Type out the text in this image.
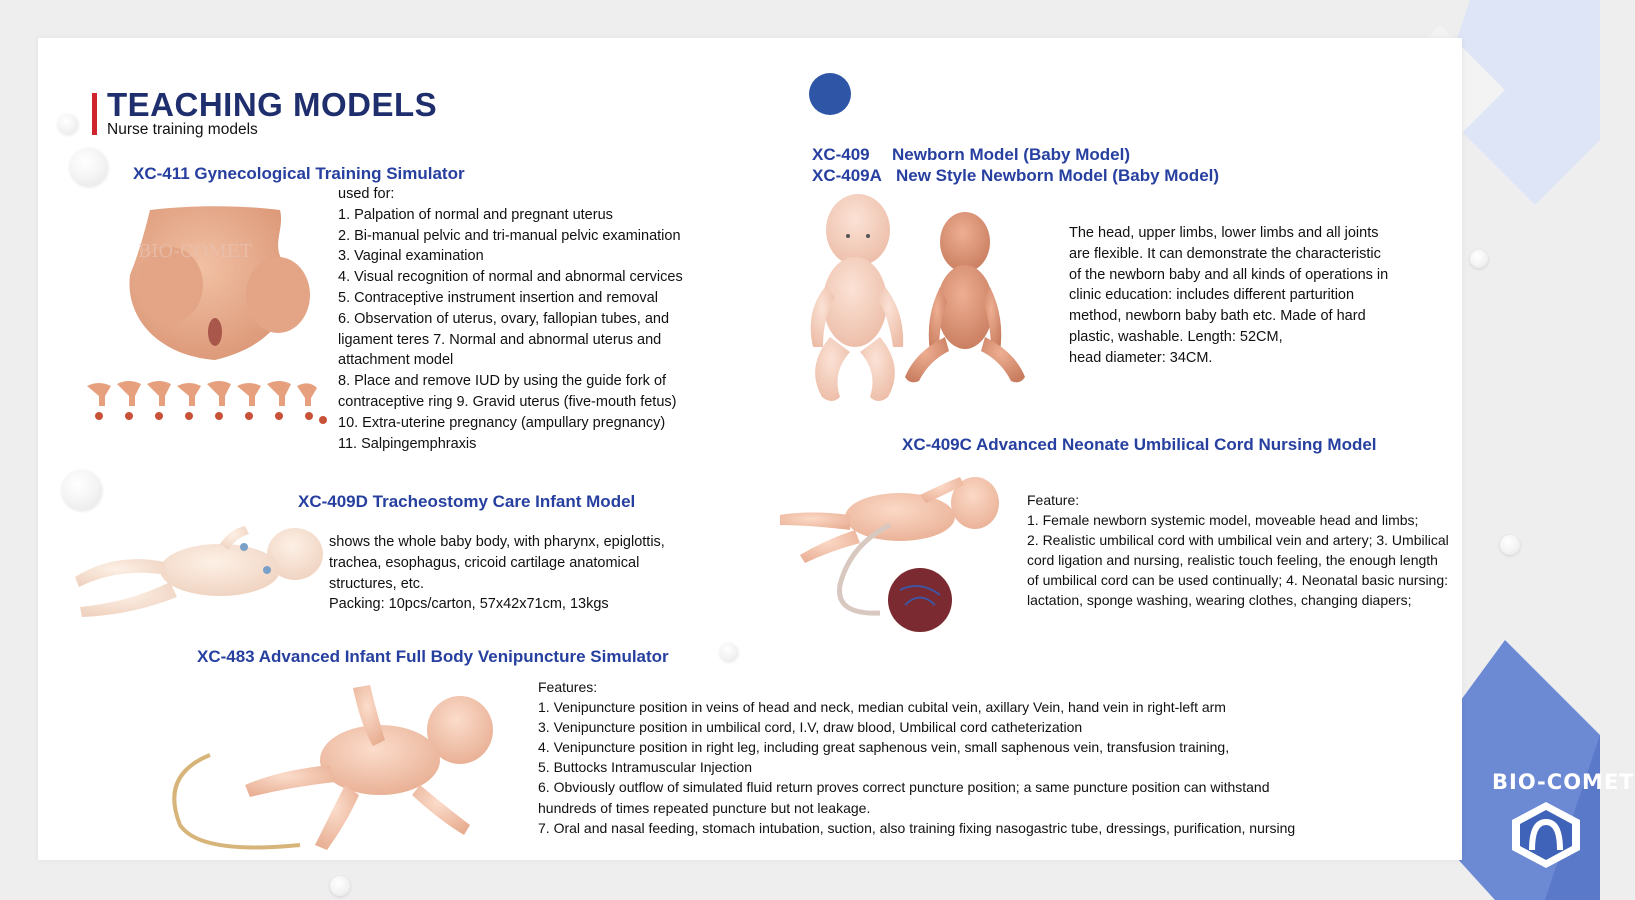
TEACHING MODELS
Nurse training models
XC-411 Gynecological Training Simulator
BIO-COMET
used for:
1. Palpation of normal and pregnant uterus
2. Bi-manual pelvic and tri-manual pelvic examination
3. Vaginal examination
4. Visual recognition of normal and abnormal cervices
5. Contraceptive instrument insertion and removal
6. Observation of uterus, ovary, fallopian tubes, and
ligament teres 7. Normal and abnormal uterus and
attachment model
8. Place and remove IUD by using the guide fork of
contraceptive ring 9. Gravid uterus (five-mouth fetus)
10. Extra-uterine pregnancy (ampullary pregnancy)
11. Salpingemphraxis
XC-409 Newborn Model (Baby Model)
XC-409A New Style Newborn Model (Baby Model)
The head, upper limbs, lower limbs and all joints
are flexible. It can demonstrate the characteristic
of the newborn baby and all kinds of operations in
clinic education: includes different parturition
method, newborn baby bath etc. Made of hard
plastic, washable. Length: 52CM,
head diameter: 34CM.
XC-409C Advanced Neonate Umbilical Cord Nursing Model
Feature:
1. Female newborn systemic model, moveable head and limbs;
2. Realistic umbilical cord with umbilical vein and artery; 3. Umbilical
cord ligation and nursing, realistic touch feeling, the enough length
of umbilical cord can be used continually; 4. Neonatal basic nursing:
lactation, sponge washing, wearing clothes, changing diapers;
XC-409D Tracheostomy Care Infant Model
shows the whole baby body, with pharynx, epiglottis,
trachea, esophagus, cricoid cartilage anatomical
structures, etc.
Packing: 10pcs/carton, 57x42x71cm, 13kgs
XC-483 Advanced Infant Full Body Venipuncture Simulator
Features:
1. Venipuncture position in veins of head and neck, median cubital vein, axillary Vein, hand vein in right-left arm
3. Venipuncture position in umbilical cord, I.V, draw blood, Umbilical cord catheterization
4. Venipuncture position in right leg, including great saphenous vein, small saphenous vein, transfusion training,
5. Buttocks Intramuscular Injection
6. Obviously outflow of simulated fluid return proves correct puncture position; a same puncture position can withstand
hundreds of times repeated puncture but not leakage.
7. Oral and nasal feeding, stomach intubation, suction, also training fixing nasogastric tube, dressings, purification, nursing
BIO-COMET
